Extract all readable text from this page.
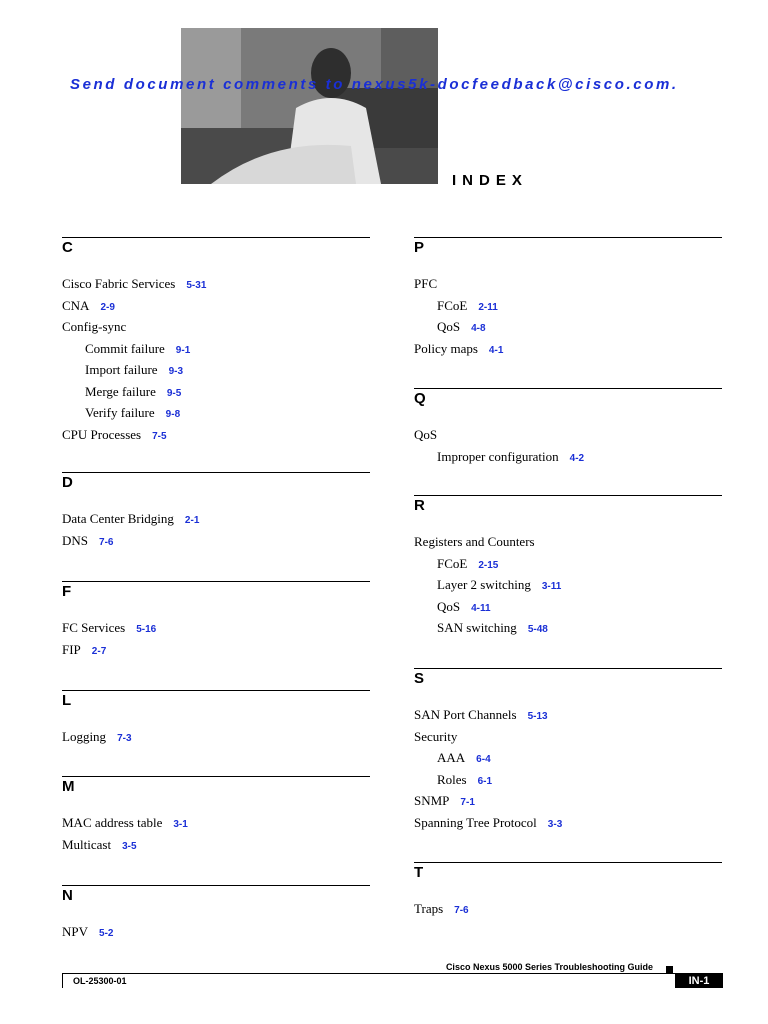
Send document comments to nexus5k-docfeedback@cisco.com.
INDEX
C
Cisco Fabric Services 5-31
CNA 2-9
Config-sync
Commit failure 9-1
Import failure 9-3
Merge failure 9-5
Verify failure 9-8
CPU Processes 7-5
D
Data Center Bridging 2-1
DNS 7-6
F
FC Services 5-16
FIP 2-7
L
Logging 7-3
M
MAC address table 3-1
Multicast 3-5
N
NPV 5-2
P
PFC
FCoE 2-11
QoS 4-8
Policy maps 4-1
Q
QoS
Improper configuration 4-2
R
Registers and Counters
FCoE 2-15
Layer 2 switching 3-11
QoS 4-11
SAN switching 5-48
S
SAN Port Channels 5-13
Security
AAA 6-4
Roles 6-1
SNMP 7-1
Spanning Tree Protocol 3-3
T
Traps 7-6
Cisco Nexus 5000 Series Troubleshooting Guide
OL-25300-01	IN-1
